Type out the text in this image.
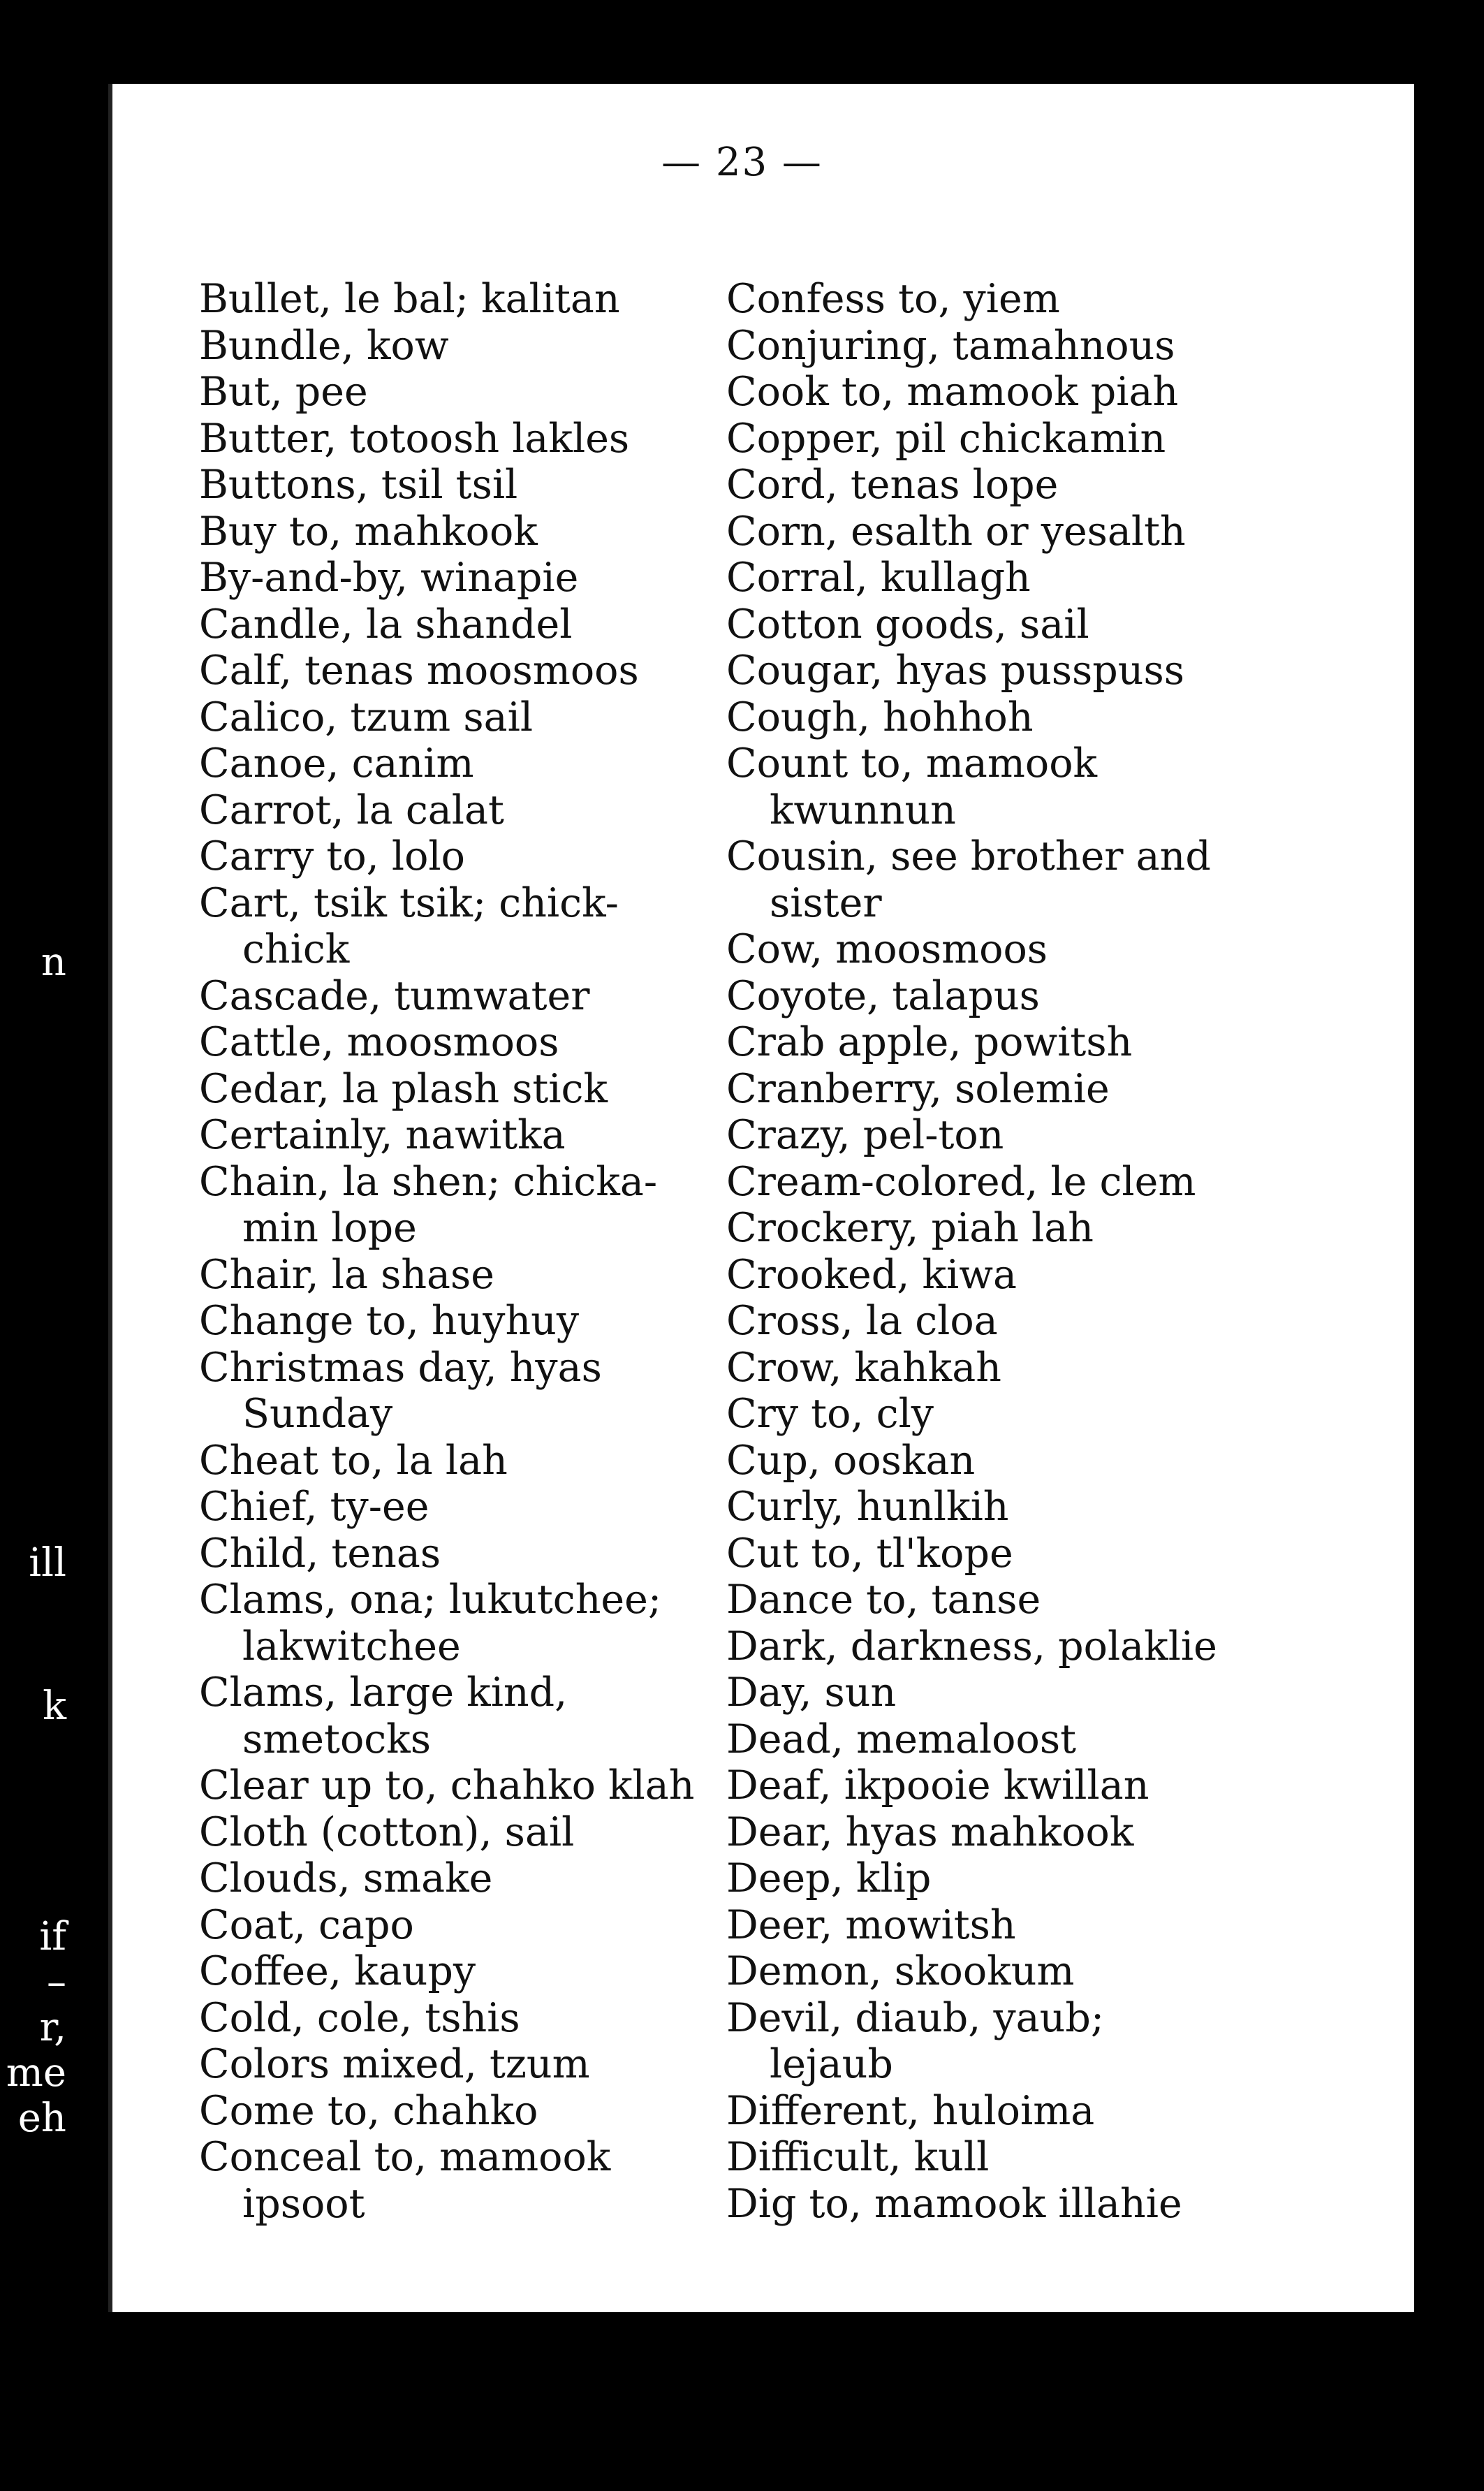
— 23 —
n
ill
k
if
–
r,
me
eh
Bullet, le bal; kalitan
Bundle, kow
But, pee
Butter, totoosh lakles
Buttons, tsil tsil
Buy to, mahkook
By-and-by, winapie
Candle, la shandel
Calf, tenas moosmoos
Calico, tzum sail
Canoe, canim
Carrot, la calat
Carry to, lolo
Cart, tsik tsik; chick-
chick
Cascade, tumwater
Cattle, moosmoos
Cedar, la plash stick
Certainly, nawitka
Chain, la shen; chicka-
min lope
Chair, la shase
Change to, huyhuy
Christmas day, hyas
Sunday
Cheat to, la lah
Chief, ty-ee
Child, tenas
Clams, ona; lukutchee;
lakwitchee
Clams, large kind,
smetocks
Clear up to, chahko klah
Cloth (cotton), sail
Clouds, smake
Coat, capo
Coffee, kaupy
Cold, cole, tshis
Colors mixed, tzum
Come to, chahko
Conceal to, mamook
ipsoot
Confess to, yiem
Conjuring, tamahnous
Cook to, mamook piah
Copper, pil chickamin
Cord, tenas lope
Corn, esalth or yesalth
Corral, kullagh
Cotton goods, sail
Cougar, hyas pusspuss
Cough, hohhoh
Count to, mamook
kwunnun
Cousin, see brother and
sister
Cow, moosmoos
Coyote, talapus
Crab apple, powitsh
Cranberry, solemie
Crazy, pel-ton
Cream-colored, le clem
Crockery, piah lah
Crooked, kiwa
Cross, la cloa
Crow, kahkah
Cry to, cly
Cup, ooskan
Curly, hunlkih
Cut to, tl'kope
Dance to, tanse
Dark, darkness, polaklie
Day, sun
Dead, memaloost
Deaf, ikpooie kwillan
Dear, hyas mahkook
Deep, klip
Deer, mowitsh
Demon, skookum
Devil, diaub, yaub;
lejaub
Different, huloima
Difficult, kull
Dig to, mamook illahie
